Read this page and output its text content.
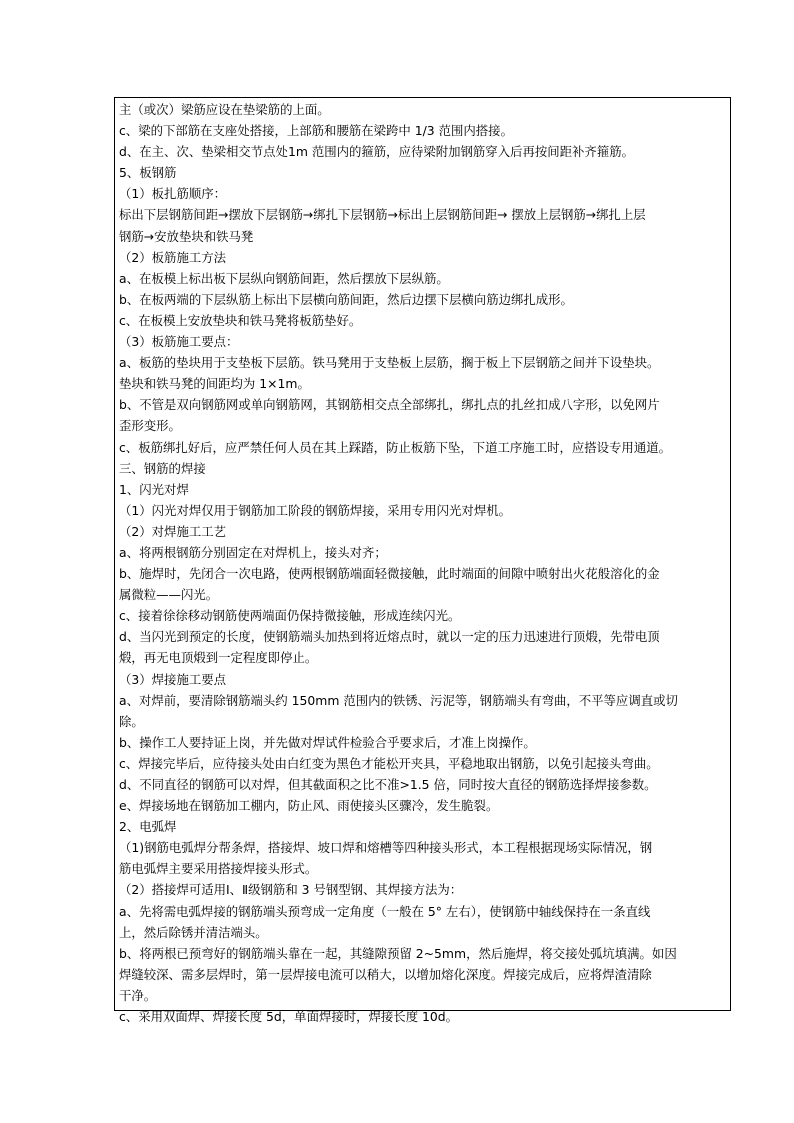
主（或次）梁筋应设在垫梁筋的上面。
c、梁的下部筋在支座处搭接，上部筋和腰筋在梁跨中 1/3 范围内搭接。
d、在主、次、垫梁相交节点处1m 范围内的箍筋，应待梁附加钢筋穿入后再按间距补齐箍筋。
5、板钢筋
（1）板扎筋顺序：
标出下层钢筋间距→摆放下层钢筋→绑扎下层钢筋→标出上层钢筋间距→ 摆放上层钢筋→绑扎上层
钢筋→安放垫块和铁马凳
（2）板筋施工方法
a、在板模上标出板下层纵向钢筋间距，然后摆放下层纵筋。
b、在板两端的下层纵筋上标出下层横向筋间距，然后边摆下层横向筋边绑扎成形。
c、在板模上安放垫块和铁马凳将板筋垫好。
（3）板筋施工要点：
a、板筋的垫块用于支垫板下层筋。铁马凳用于支垫板上层筋，搁于板上下层钢筋之间并下设垫块。
垫块和铁马凳的间距均为 1×1m。
b、不管是双向钢筋网或单向钢筋网，其钢筋相交点全部绑扎，绑扎点的扎丝扣成八字形，以免网片
歪形变形。
c、板筋绑扎好后，应严禁任何人员在其上踩踏，防止板筋下坠，下道工序施工时，应搭设专用通道。
三、钢筋的焊接
1、闪光对焊
（1）闪光对焊仅用于钢筋加工阶段的钢筋焊接，采用专用闪光对焊机。
（2）对焊施工工艺
a、将两根钢筋分别固定在对焊机上，接头对齐；
b、施焊时，先闭合一次电路，使两根钢筋端面轻微接触，此时端面的间隙中喷射出火花般溶化的金
属微粒——闪光。
c、接着徐徐移动钢筋使两端面仍保持微接触，形成连续闪光。
d、当闪光到预定的长度，使钢筋端头加热到将近熔点时，就以一定的压力迅速进行顶煅，先带电顶
煅，再无电顶煅到一定程度即停止。
（3）焊接施工要点
a、对焊前，要清除钢筋端头约 150mm 范围内的铁锈、污泥等，钢筋端头有弯曲，不平等应调直或切
除。
b、操作工人要持证上岗，并先做对焊试件检验合乎要求后，才准上岗操作。
c、焊接完毕后，应待接头处由白红变为黑色才能松开夹具，平稳地取出钢筋，以免引起接头弯曲。
d、不同直径的钢筋可以对焊，但其截面积之比不准>1.5 倍，同时按大直径的钢筋选择焊接参数。
e、焊接场地在钢筋加工棚内，防止风、雨使接头区骤冷，发生脆裂。
2、电弧焊
（1)钢筋电弧焊分帮条焊，搭接焊、坡口焊和熔槽等四种接头形式，本工程根据现场实际情况，钢
筋电弧焊主要采用搭接焊接头形式。
（2）搭接焊可适用Ⅰ、Ⅱ级钢筋和 3 号钢型钢、其焊接方法为：
a、先将需电弧焊接的钢筋端头预弯成一定角度（一般在 5° 左右），使钢筋中轴线保持在一条直线
上，然后除锈并清洁端头。
b、将两根已预弯好的钢筋端头靠在一起，其缝隙预留 2~5mm，然后施焊，将交接处弧坑填满。如因
焊缝较深、需多层焊时，第一层焊接电流可以稍大，以增加熔化深度。焊接完成后，应将焊渣清除
干净。
c、采用双面焊、焊接长度 5d，单面焊接时，焊接长度 10d。
